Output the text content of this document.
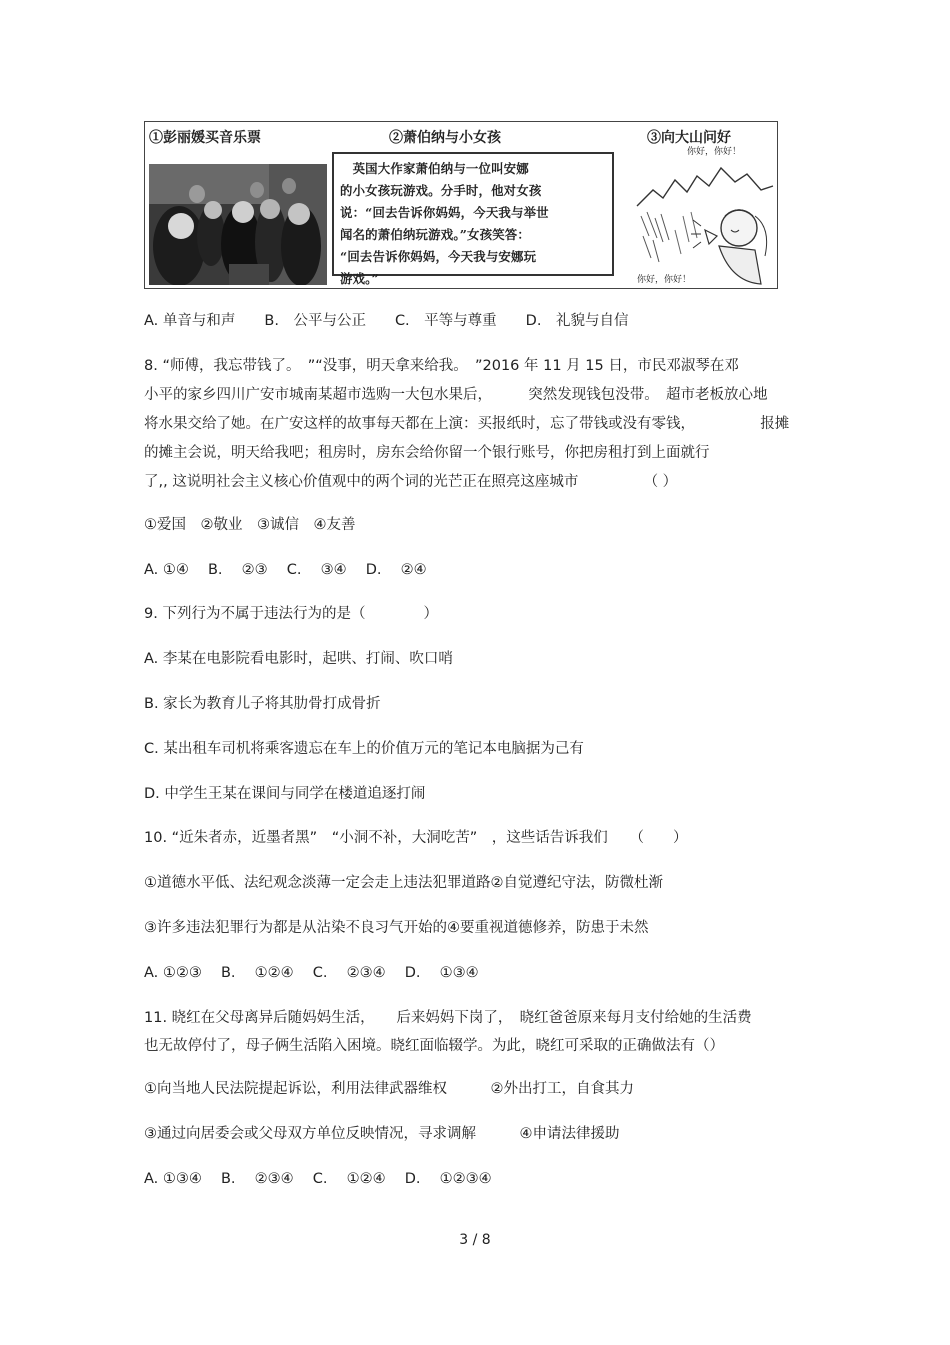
①彭丽媛买音乐票	②萧伯纳与小女孩	③向大山问好
　英国大作家萧伯纳与一位叫安娜
的小女孩玩游戏。分手时，他对女孩
说：“回去告诉你妈妈，今天我与举世
闻名的萧伯纳玩游戏。”女孩笑答：
“回去告诉你妈妈，今天我与安娜玩
游戏。”
你好，你好！
你好，你好！
A. 单音与和声　　B.　公平与公正　　C.　平等与尊重　　D.　礼貌与自信
8. “师傅，我忘带钱了。　”“没事，明天拿来给我。　”2016 年 11 月 15 日，市民邓淑琴在邓
小平的家乡四川广安市城南某超市选购一大包水果后，　　　突然发现钱包没带。　超市老板放心地
将水果交给了她。在广安这样的故事每天都在上演：买报纸时，忘了带钱或没有零钱，　　　　　报摊
的摊主会说，明天给我吧；租房时，房东会给你留一个银行账号，你把房租打到上面就行
了,, 这说明社会主义核心价值观中的两个词的光芒正在照亮这座城市　　　　　（ ）
①爱国　②敬业　③诚信　④友善
A. ①④　 B.　 ②③　 C.　 ③④　 D.　 ②④
9. 下列行为不属于违法行为的是（　　　　）
A. 李某在电影院看电影时，起哄、打闹、吹口哨
B. 家长为教育儿子将其肋骨打成骨折
C. 某出租车司机将乘客遗忘在车上的价值万元的笔记本电脑据为己有
D. 中学生王某在课间与同学在楼道追逐打闹
10. “近朱者赤，近墨者黑”　“小洞不补，大洞吃苦”　，这些话告诉我们　　（　　）
①道德水平低、法纪观念淡薄一定会走上违法犯罪道路②自觉遵纪守法，防微杜渐
③许多违法犯罪行为都是从沾染不良习气开始的④要重视道德修养，防患于未然
A. ①②③　 B.　 ①②④　 C.　 ②③④　 D.　 ①③④
11. 晓红在父母离异后随妈妈生活，　　后来妈妈下岗了，　晓红爸爸原来每月支付给她的生活费
也无故停付了，母子俩生活陷入困境。晓红面临辍学。为此，晓红可采取的正确做法有（）
①向当地人民法院提起诉讼，利用法律武器维权　　　②外出打工，自食其力
③通过向居委会或父母双方单位反映情况，寻求调解　　　④申请法律援助
A. ①③④　 B.　 ②③④　 C.　 ①②④　 D.　 ①②③④
3 / 8
